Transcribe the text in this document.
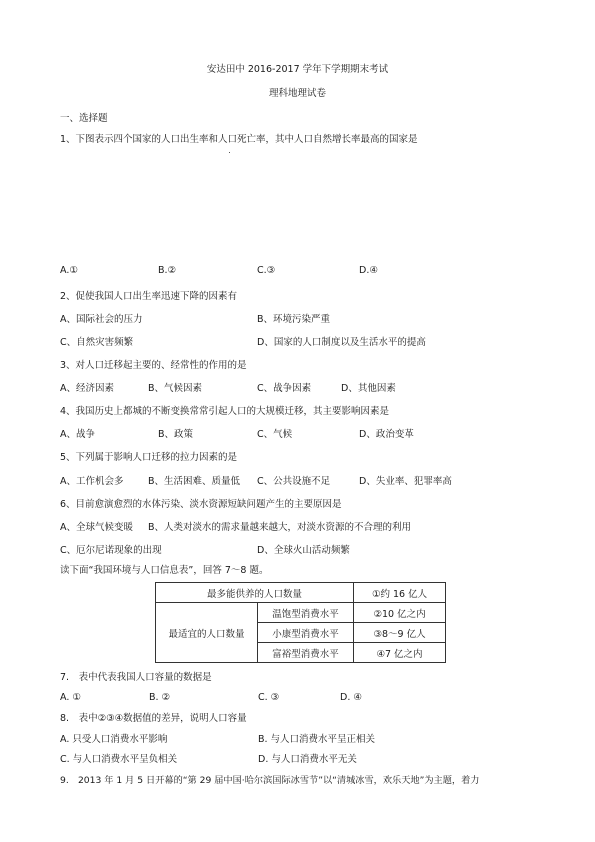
安达田中 2016-2017 学年下学期期末考试
理科地理试卷
一、选择题
1、下图表示四个国家的人口出生率和人口死亡率，其中人口自然增长率最高的国家是
A.①	B.②	C.③	D.④
2、促使我国人口出生率迅速下降的因素有
A、国际社会的压力	B、环境污染严重
C、自然灾害频繁	D、国家的人口制度以及生活水平的提高
3、对人口迁移起主要的、经常性的作用的是
A、经济因素	B、气候因素	C、战争因素	D、其他因素
4、我国历史上都城的不断变换常常引起人口的大规模迁移，其主要影响因素是
A、战争	B、政策	C、气候	D、政治变革
5、下列属于影响人口迁移的拉力因素的是
A、工作机会多	B、生活困难、质量低 C、公共设施不足	D、失业率、犯罪率高
6、目前愈演愈烈的水体污染、淡水资源短缺问题产生的主要原因是
A、全球气候变暖 B、人类对淡水的需求量越来越大，对淡水资源的不合理的利用
C、厄尔尼诺现象的出现	D、全球火山活动频繁
读下面“我国环境与人口信息表”，回答 7～8 题。
最多能供养的人口数量		①约 16 亿人
最适宜的人口数量	温饱型消费水平	②10 亿之内
	小康型消费水平	③8～9 亿人
	富裕型消费水平	④7 亿之内
7.　表中代表我国人口容量的数据是
A. ①	B. ②	C. ③	D. ④
8.　表中②③④数据值的差异，说明人口容量
A. 只受人口消费水平影响	B. 与人口消费水平呈正相关
C. 与人口消费水平呈负相关	D. 与人口消费水平无关
9.　2013 年 1 月 5 日开幕的“第 29 届中国·哈尔滨国际冰雪节”以“清城冰雪，欢乐天地”为主题，着力
